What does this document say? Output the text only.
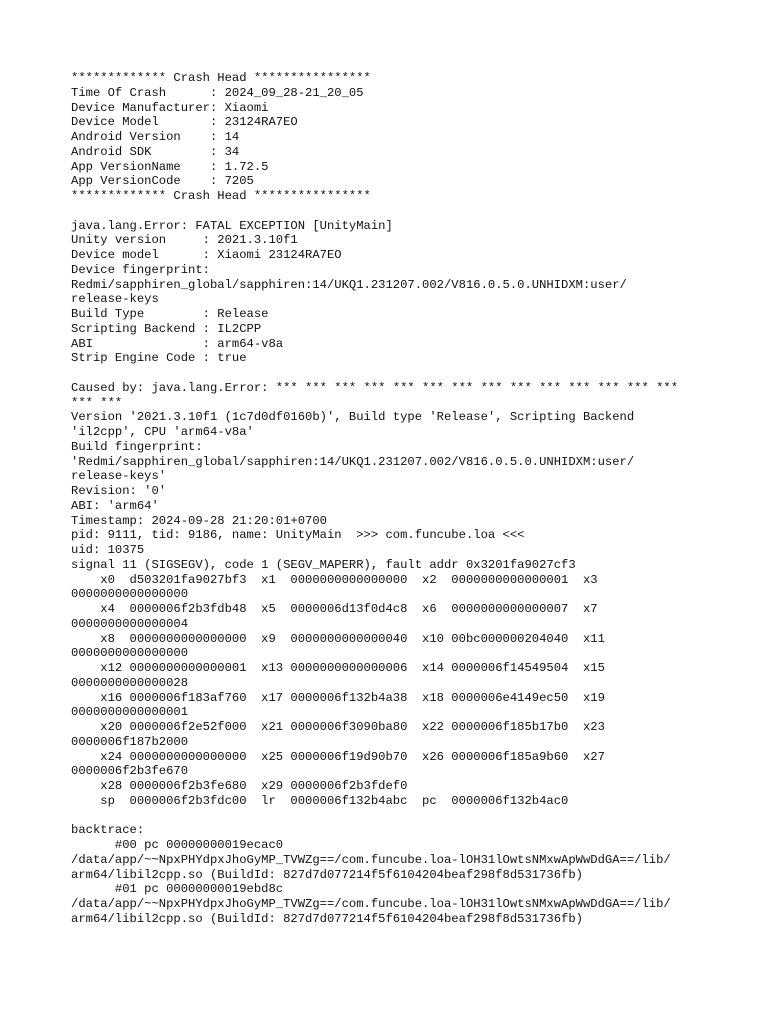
************* Crash Head ****************
Time Of Crash      : 2024_09_28-21_20_05
Device Manufacturer: Xiaomi
Device Model       : 23124RA7EO
Android Version    : 14
Android SDK        : 34
App VersionName    : 1.72.5
App VersionCode    : 7205
************* Crash Head ****************
java.lang.Error: FATAL EXCEPTION [UnityMain]
Unity version     : 2021.3.10f1
Device model      : Xiaomi 23124RA7EO
Device fingerprint:
Redmi/sapphiren_global/sapphiren:14/UKQ1.231207.002/V816.0.5.0.UNHIDXM:user/
release-keys
Build Type        : Release
Scripting Backend : IL2CPP
ABI               : arm64-v8a
Strip Engine Code : true
Caused by: java.lang.Error: *** *** *** *** *** *** *** *** *** *** *** *** *** ***
*** ***
Version '2021.3.10f1 (1c7d0df0160b)', Build type 'Release', Scripting Backend
'il2cpp', CPU 'arm64-v8a'
Build fingerprint:
'Redmi/sapphiren_global/sapphiren:14/UKQ1.231207.002/V816.0.5.0.UNHIDXM:user/
release-keys'
Revision: '0'
ABI: 'arm64'
Timestamp: 2024-09-28 21:20:01+0700
pid: 9111, tid: 9186, name: UnityMain  >>> com.funcube.loa <<<
uid: 10375
signal 11 (SIGSEGV), code 1 (SEGV_MAPERR), fault addr 0x3201fa9027cf3
x0  d503201fa9027bf3  x1  0000000000000000  x2  0000000000000001  x3
0000000000000000
x4  0000006f2b3fdb48  x5  0000006d13f0d4c8  x6  0000000000000007  x7
0000000000000004
x8  0000000000000000  x9  0000000000000040  x10 00bc000000204040  x11
0000000000000000
x12 0000000000000001  x13 0000000000000006  x14 0000006f14549504  x15
0000000000000028
x16 0000006f183af760  x17 0000006f132b4a38  x18 0000006e4149ec50  x19
0000000000000001
x20 0000006f2e52f000  x21 0000006f3090ba80  x22 0000006f185b17b0  x23
0000006f187b2000
x24 0000000000000000  x25 0000006f19d90b70  x26 0000006f185a9b60  x27
0000006f2b3fe670
x28 0000006f2b3fe680  x29 0000006f2b3fdef0
sp  0000006f2b3fdc00  lr  0000006f132b4abc  pc  0000006f132b4ac0
backtrace:
#00 pc 00000000019ecac0
/data/app/~~NpxPHYdpxJhoGyMP_TVWZg==/com.funcube.loa-lOH31lOwtsNMxwApWwDdGA==/lib/
arm64/libil2cpp.so (BuildId: 827d7d077214f5f6104204beaf298f8d531736fb)
#01 pc 00000000019ebd8c
/data/app/~~NpxPHYdpxJhoGyMP_TVWZg==/com.funcube.loa-lOH31lOwtsNMxwApWwDdGA==/lib/
arm64/libil2cpp.so (BuildId: 827d7d077214f5f6104204beaf298f8d531736fb)
